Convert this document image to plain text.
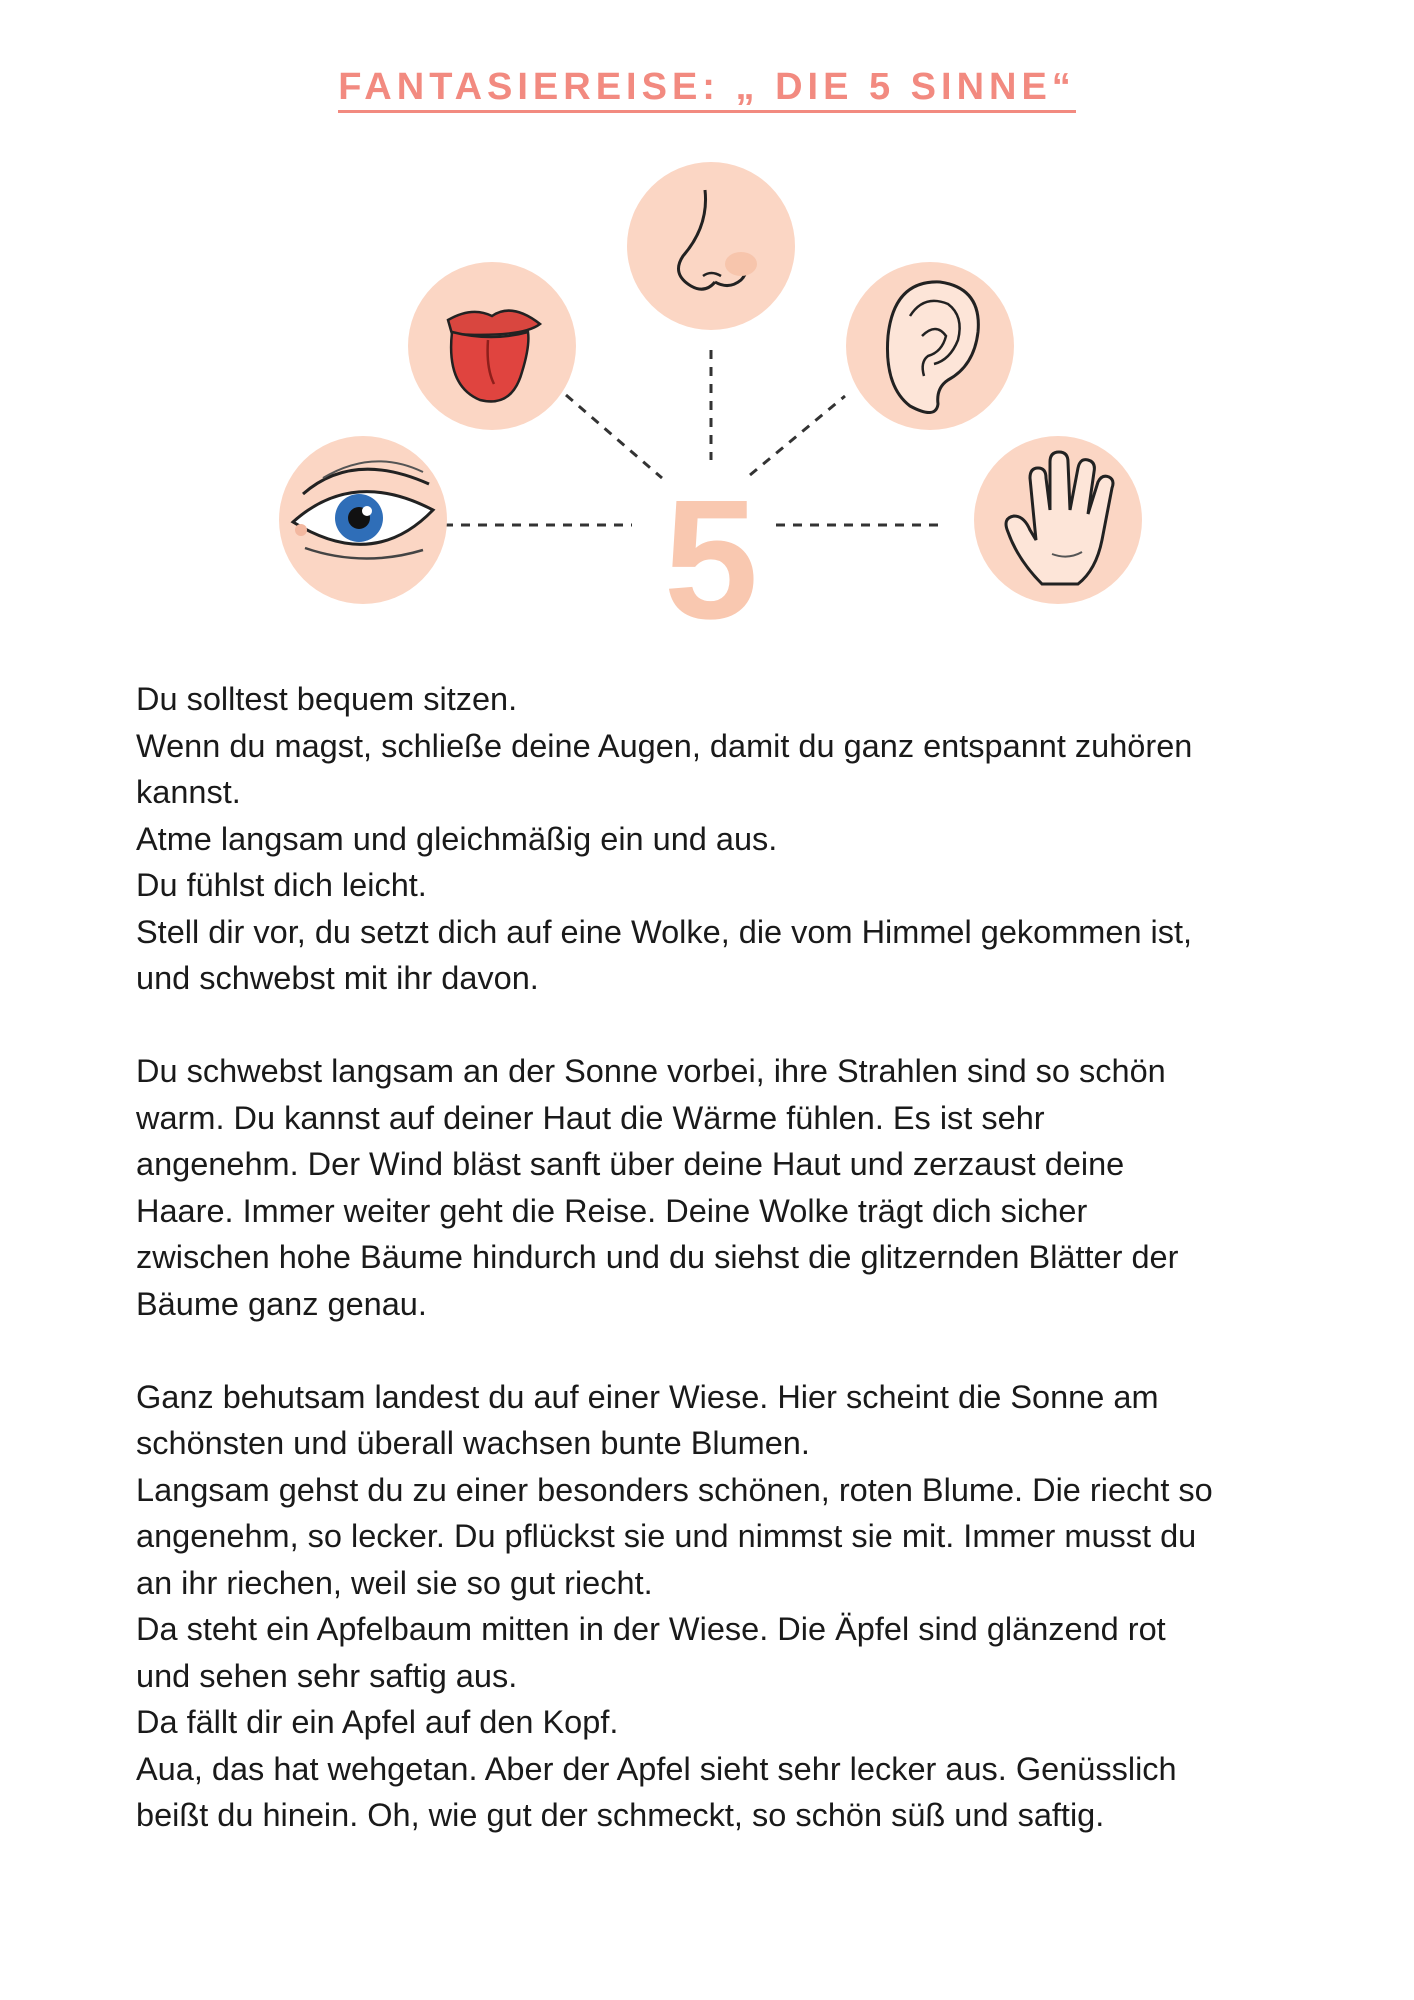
FANTASIEREISE: „ DIE 5 SINNE“
5

Du solltest bequem sitzen.
Wenn du magst, schließe deine Augen, damit du ganz entspannt zuhören
kannst.
Atme langsam und gleichmäßig ein und aus.
Du fühlst dich leicht.
Stell dir vor, du setzt dich auf eine Wolke, die vom Himmel gekommen ist,
und schwebst mit ihr davon.

Du schwebst langsam an der Sonne vorbei, ihre Strahlen sind so schön
warm. Du kannst auf deiner Haut die Wärme fühlen. Es ist sehr
angenehm. Der Wind bläst sanft über deine Haut und zerzaust deine
Haare. Immer weiter geht die Reise. Deine Wolke trägt dich sicher
zwischen hohe Bäume hindurch und du siehst die glitzernden Blätter der
Bäume ganz genau.

Ganz behutsam landest du auf einer Wiese. Hier scheint die Sonne am
schönsten und überall wachsen bunte Blumen.
Langsam gehst du zu einer besonders schönen, roten Blume. Die riecht so
angenehm, so lecker. Du pflückst sie und nimmst sie mit. Immer musst du
an ihr riechen, weil sie so gut riecht.
Da steht ein Apfelbaum mitten in der Wiese. Die Äpfel sind glänzend rot
und sehen sehr saftig aus.
Da fällt dir ein Apfel auf den Kopf.
Aua, das hat wehgetan. Aber der Apfel sieht sehr lecker aus. Genüsslich
beißt du hinein. Oh, wie gut der schmeckt, so schön süß und saftig.
